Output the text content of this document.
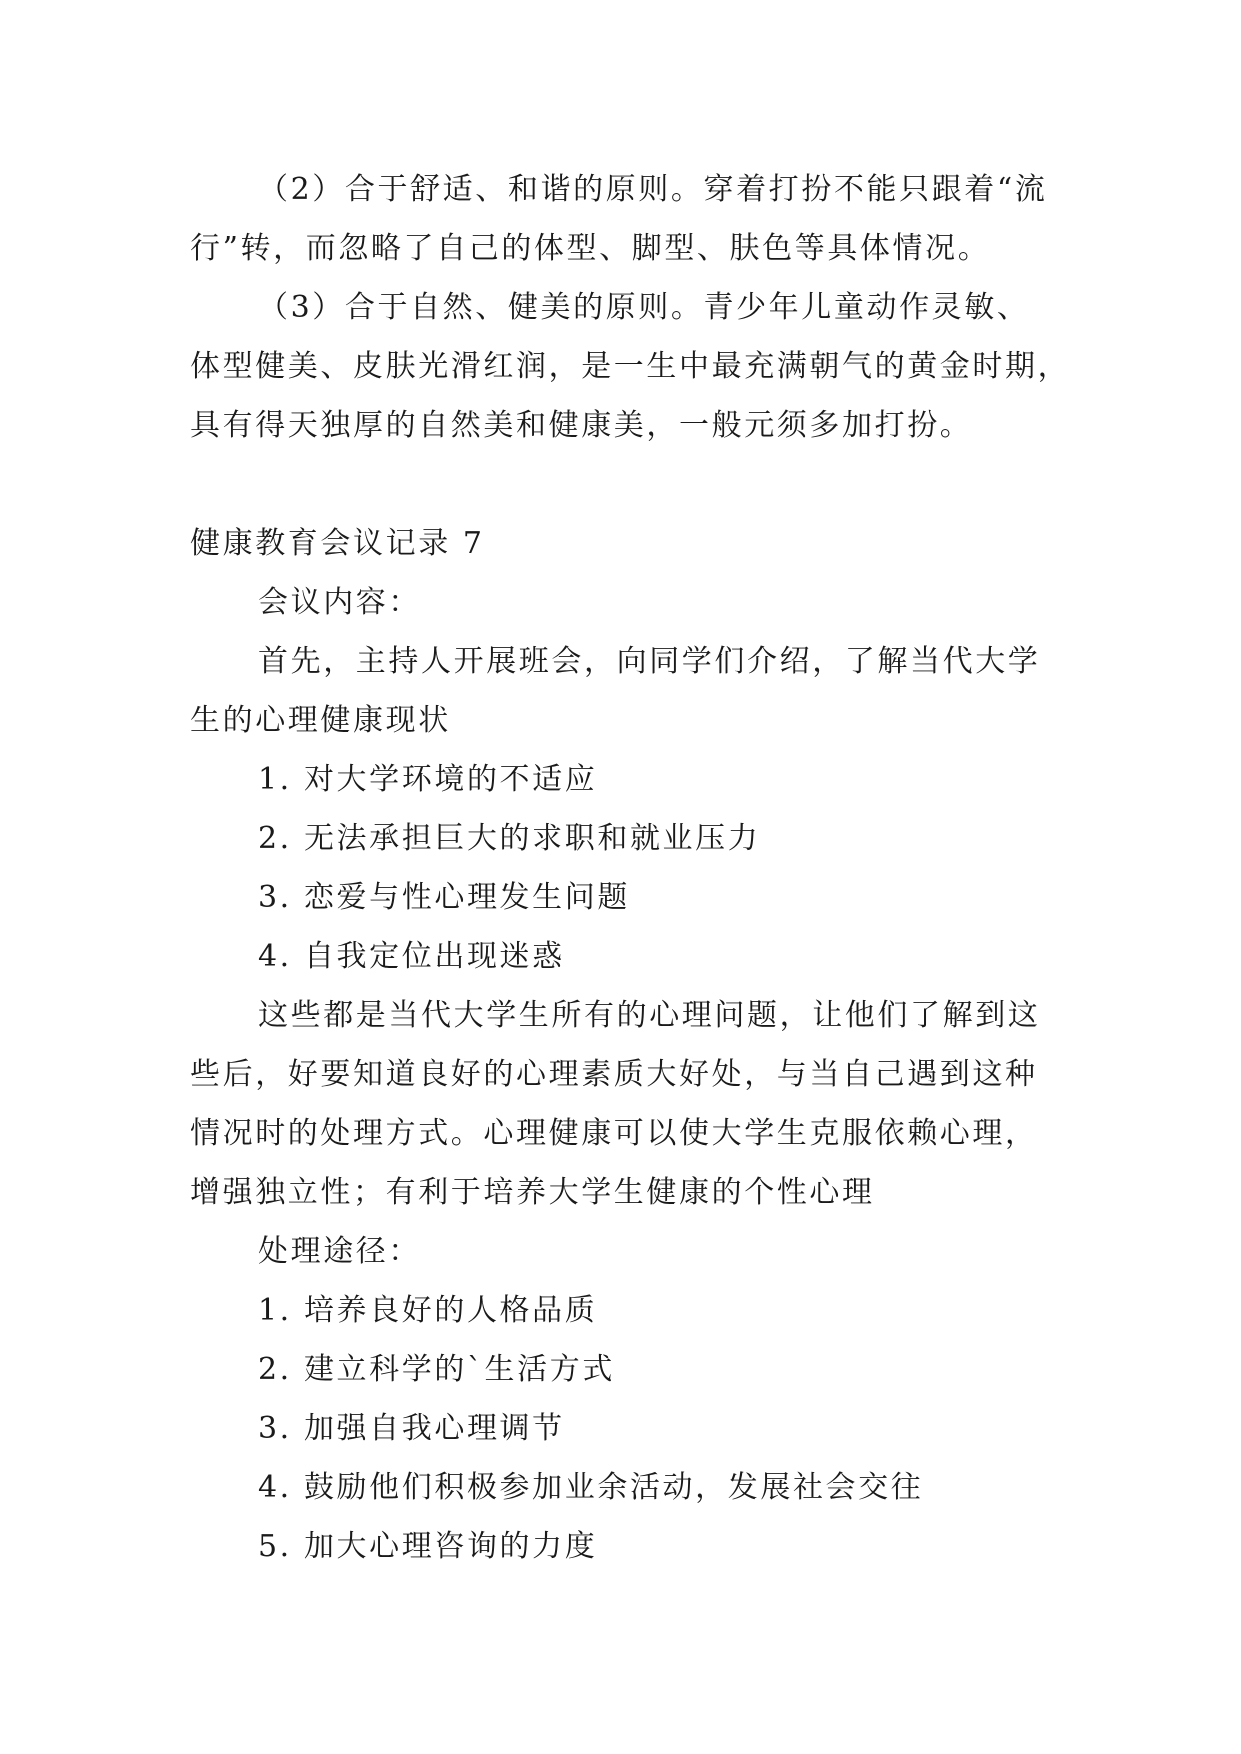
（2）合于舒适、和谐的原则。穿着打扮不能只跟着“流
行”转，而忽略了自己的体型、脚型、肤色等具体情况。
（3）合于自然、健美的原则。青少年儿童动作灵敏、
体型健美、皮肤光滑红润，是一生中最充满朝气的黄金时期，
具有得天独厚的自然美和健康美，一般元须多加打扮。
健康教育会议记录 7
会议内容：
首先，主持人开展班会，向同学们介绍，了解当代大学
生的心理健康现状
1. 对大学环境的不适应
2. 无法承担巨大的求职和就业压力
3. 恋爱与性心理发生问题
4. 自我定位出现迷惑
这些都是当代大学生所有的心理问题，让他们了解到这
些后，好要知道良好的心理素质大好处，与当自己遇到这种
情况时的处理方式。心理健康可以使大学生克服依赖心理，
增强独立性；有利于培养大学生健康的个性心理
处理途径：
1. 培养良好的人格品质
2. 建立科学的`生活方式
3. 加强自我心理调节
4. 鼓励他们积极参加业余活动，发展社会交往
5. 加大心理咨询的力度
